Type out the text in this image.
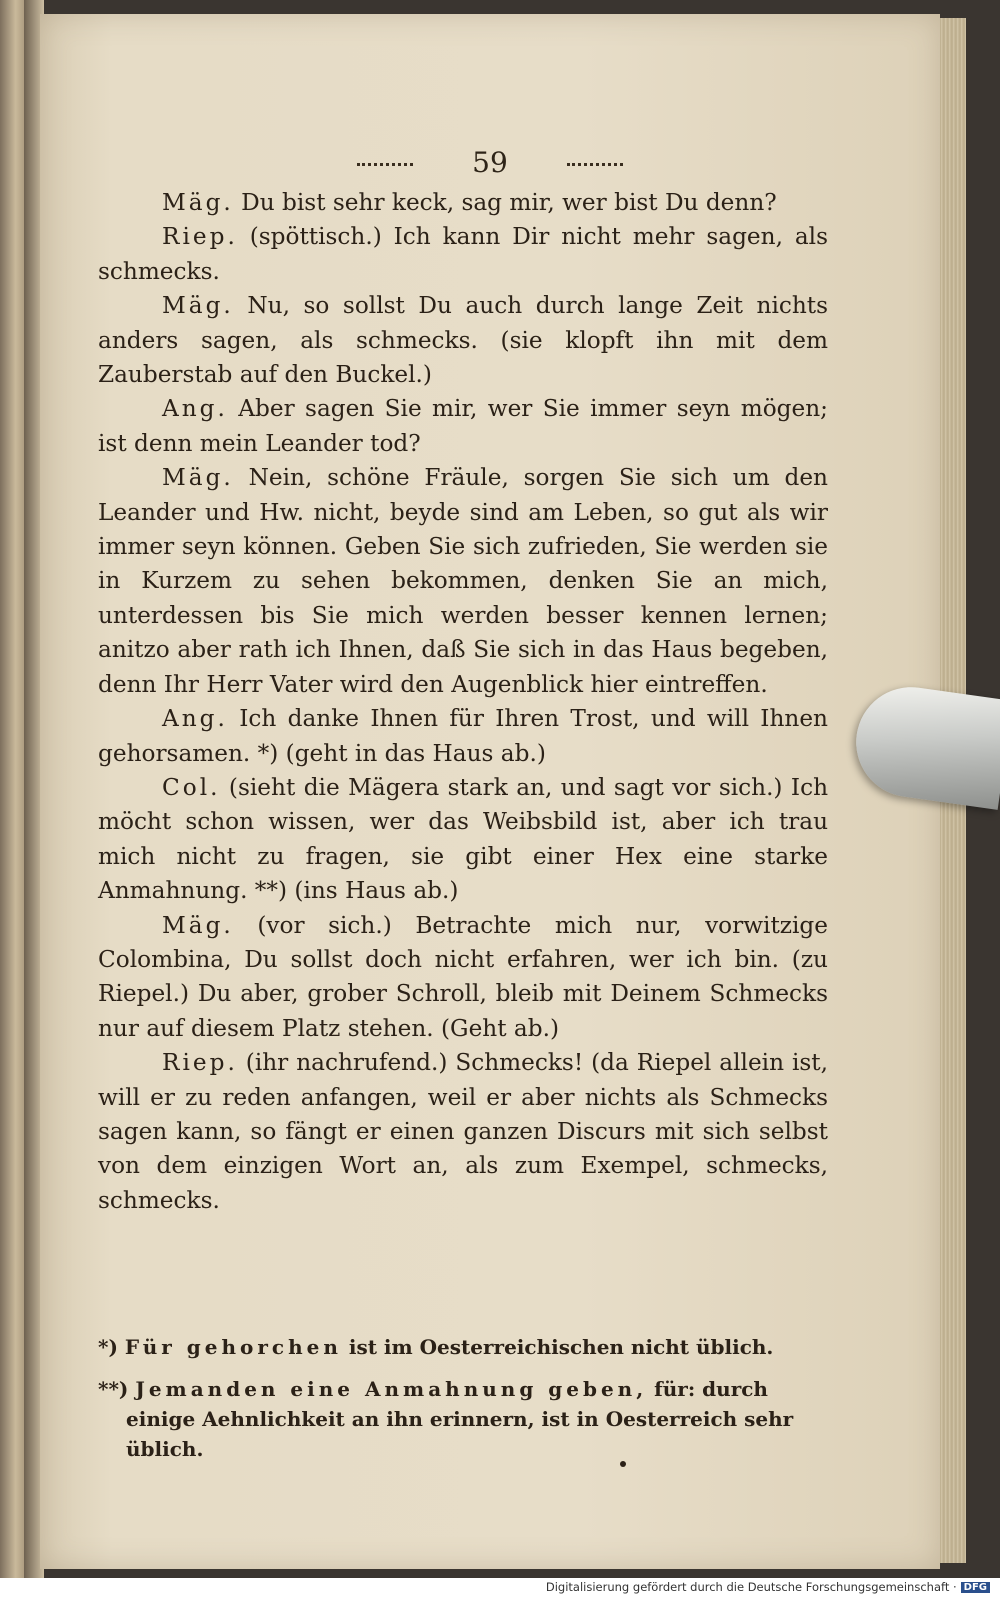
59

Mäg. Du bist sehr keck, sag mir, wer bist Du denn?

Riep. (spöttisch.) Ich kann Dir nicht mehr sagen, als schmecks.

Mäg. Nu, so sollst Du auch durch lange Zeit nichts anders sagen, als schmecks. (sie klopft ihn mit dem Zauberstab auf den Buckel.)

Ang. Aber sagen Sie mir, wer Sie immer seyn mögen; ist denn mein Leander tod?

Mäg. Nein, schöne Fräule, sorgen Sie sich um den Leander und Hw. nicht, beyde sind am Leben, so gut als wir immer seyn können. Geben Sie sich zufrieden, Sie werden sie in Kurzem zu sehen bekommen, denken Sie an mich, unterdessen bis Sie mich werden besser kennen lernen; anitzo aber rath ich Ihnen, daß Sie sich in das Haus begeben, denn Ihr Herr Vater wird den Augenblick hier eintreffen.

Ang. Ich danke Ihnen für Ihren Trost, und will Ihnen gehorsamen. *) (geht in das Haus ab.)

Col. (sieht die Mägera stark an, und sagt vor sich.) Ich möcht schon wissen, wer das Weibsbild ist, aber ich trau mich nicht zu fragen, sie gibt einer Hex eine starke Anmahnung. **) (ins Haus ab.)

Mäg. (vor sich.) Betrachte mich nur, vorwitzige Colombina, Du sollst doch nicht erfahren, wer ich bin. (zu Riepel.) Du aber, grober Schroll, bleib mit Deinem Schmecks nur auf diesem Platz stehen. (Geht ab.)

Riep. (ihr nachrufend.) Schmecks! (da Riepel allein ist, will er zu reden anfangen, weil er aber nichts als Schmecks sagen kann, so fängt er einen ganzen Discurs mit sich selbst von dem einzigen Wort an, als zum Exempel, schmecks, schmecks.

*) Für gehorchen ist im Oesterreichischen nicht üblich.

**) Jemanden eine Anmahnung geben, für: durch einige Aehnlichkeit an ihn erinnern, ist in Oesterreich sehr üblich.

Digitalisierung gefördert durch die Deutsche Forschungsgemeinschaft · DFG
